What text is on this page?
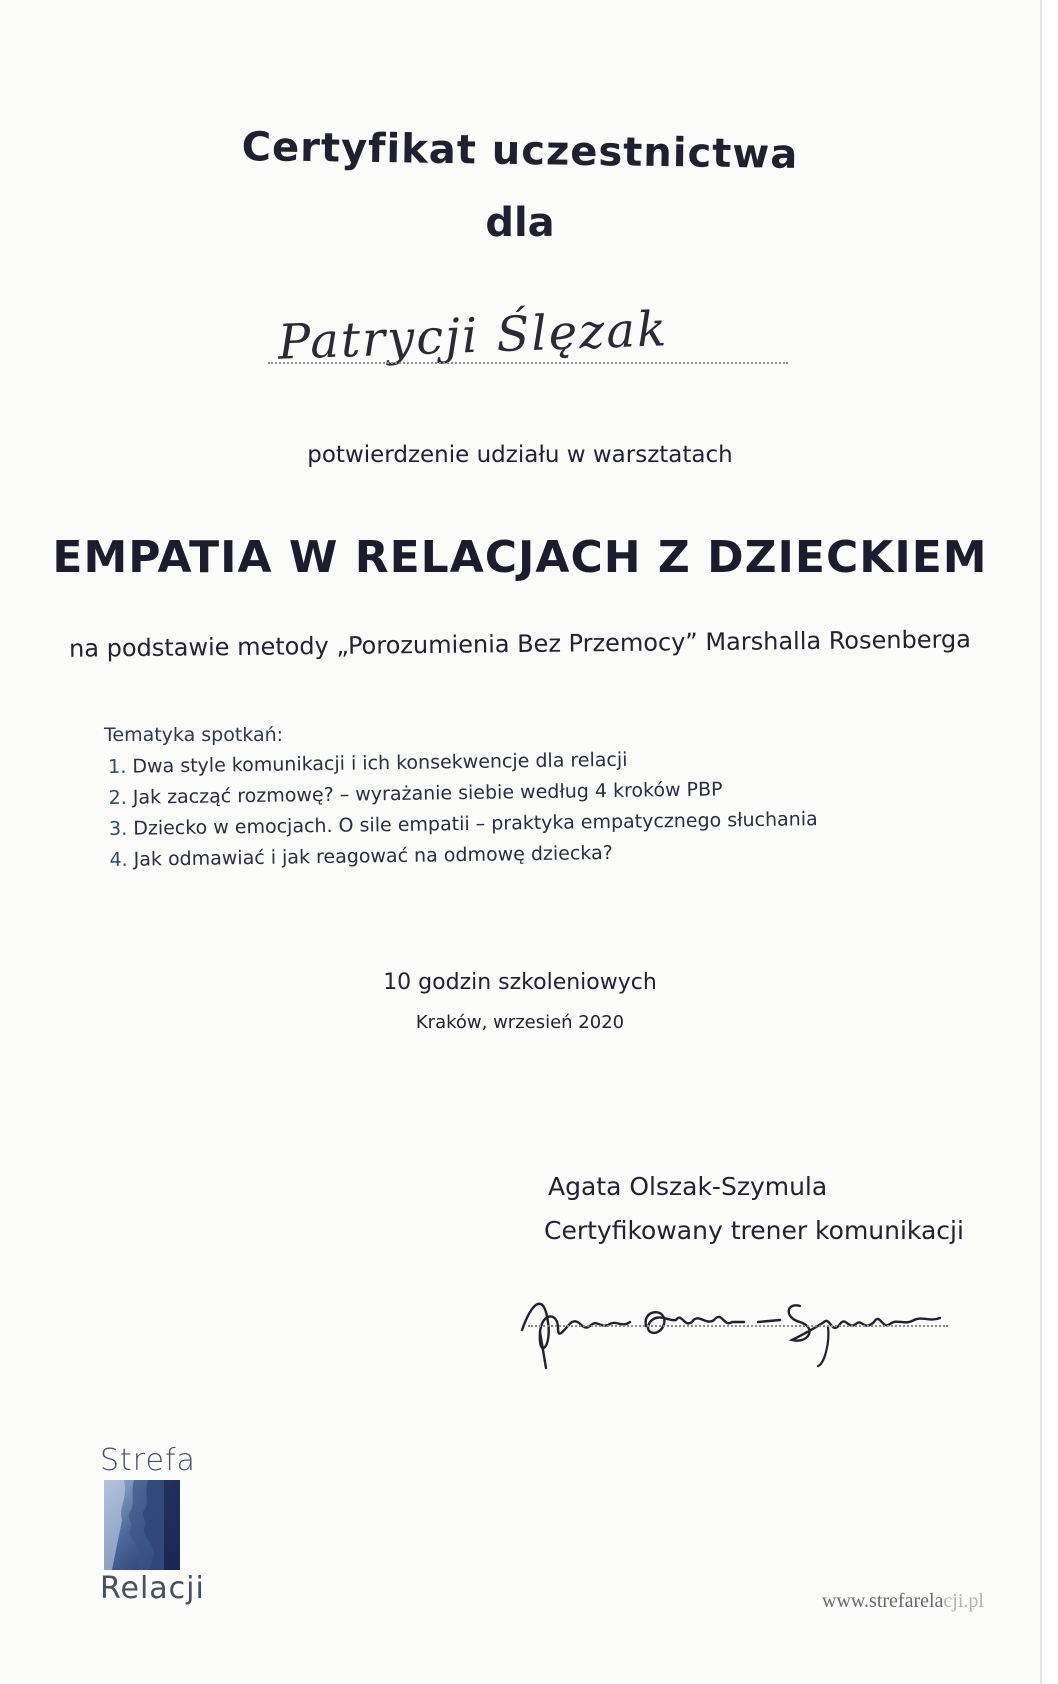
Certyfikat uczestnictwa
dla
Patrycji Ślęzak
potwierdzenie udziału w warsztatach
EMPATIA W RELACJACH Z DZIECKIEM
na podstawie metody „Porozumienia Bez Przemocy” Marshalla Rosenberga
Tematyka spotkań:
1. Dwa style komunikacji i ich konsekwencje dla relacji
2. Jak zacząć rozmowę? – wyrażanie siebie według 4 kroków PBP
3. Dziecko w emocjach. O sile empatii – praktyka empatycznego słuchania
4. Jak odmawiać i jak reagować na odmowę dziecka?
10 godzin szkoleniowych
Kraków, wrzesień 2020
Agata Olszak-Szymula
Certyfikowany trener komunikacji
Strefa
Relacji	www.strefarelacji.pl
